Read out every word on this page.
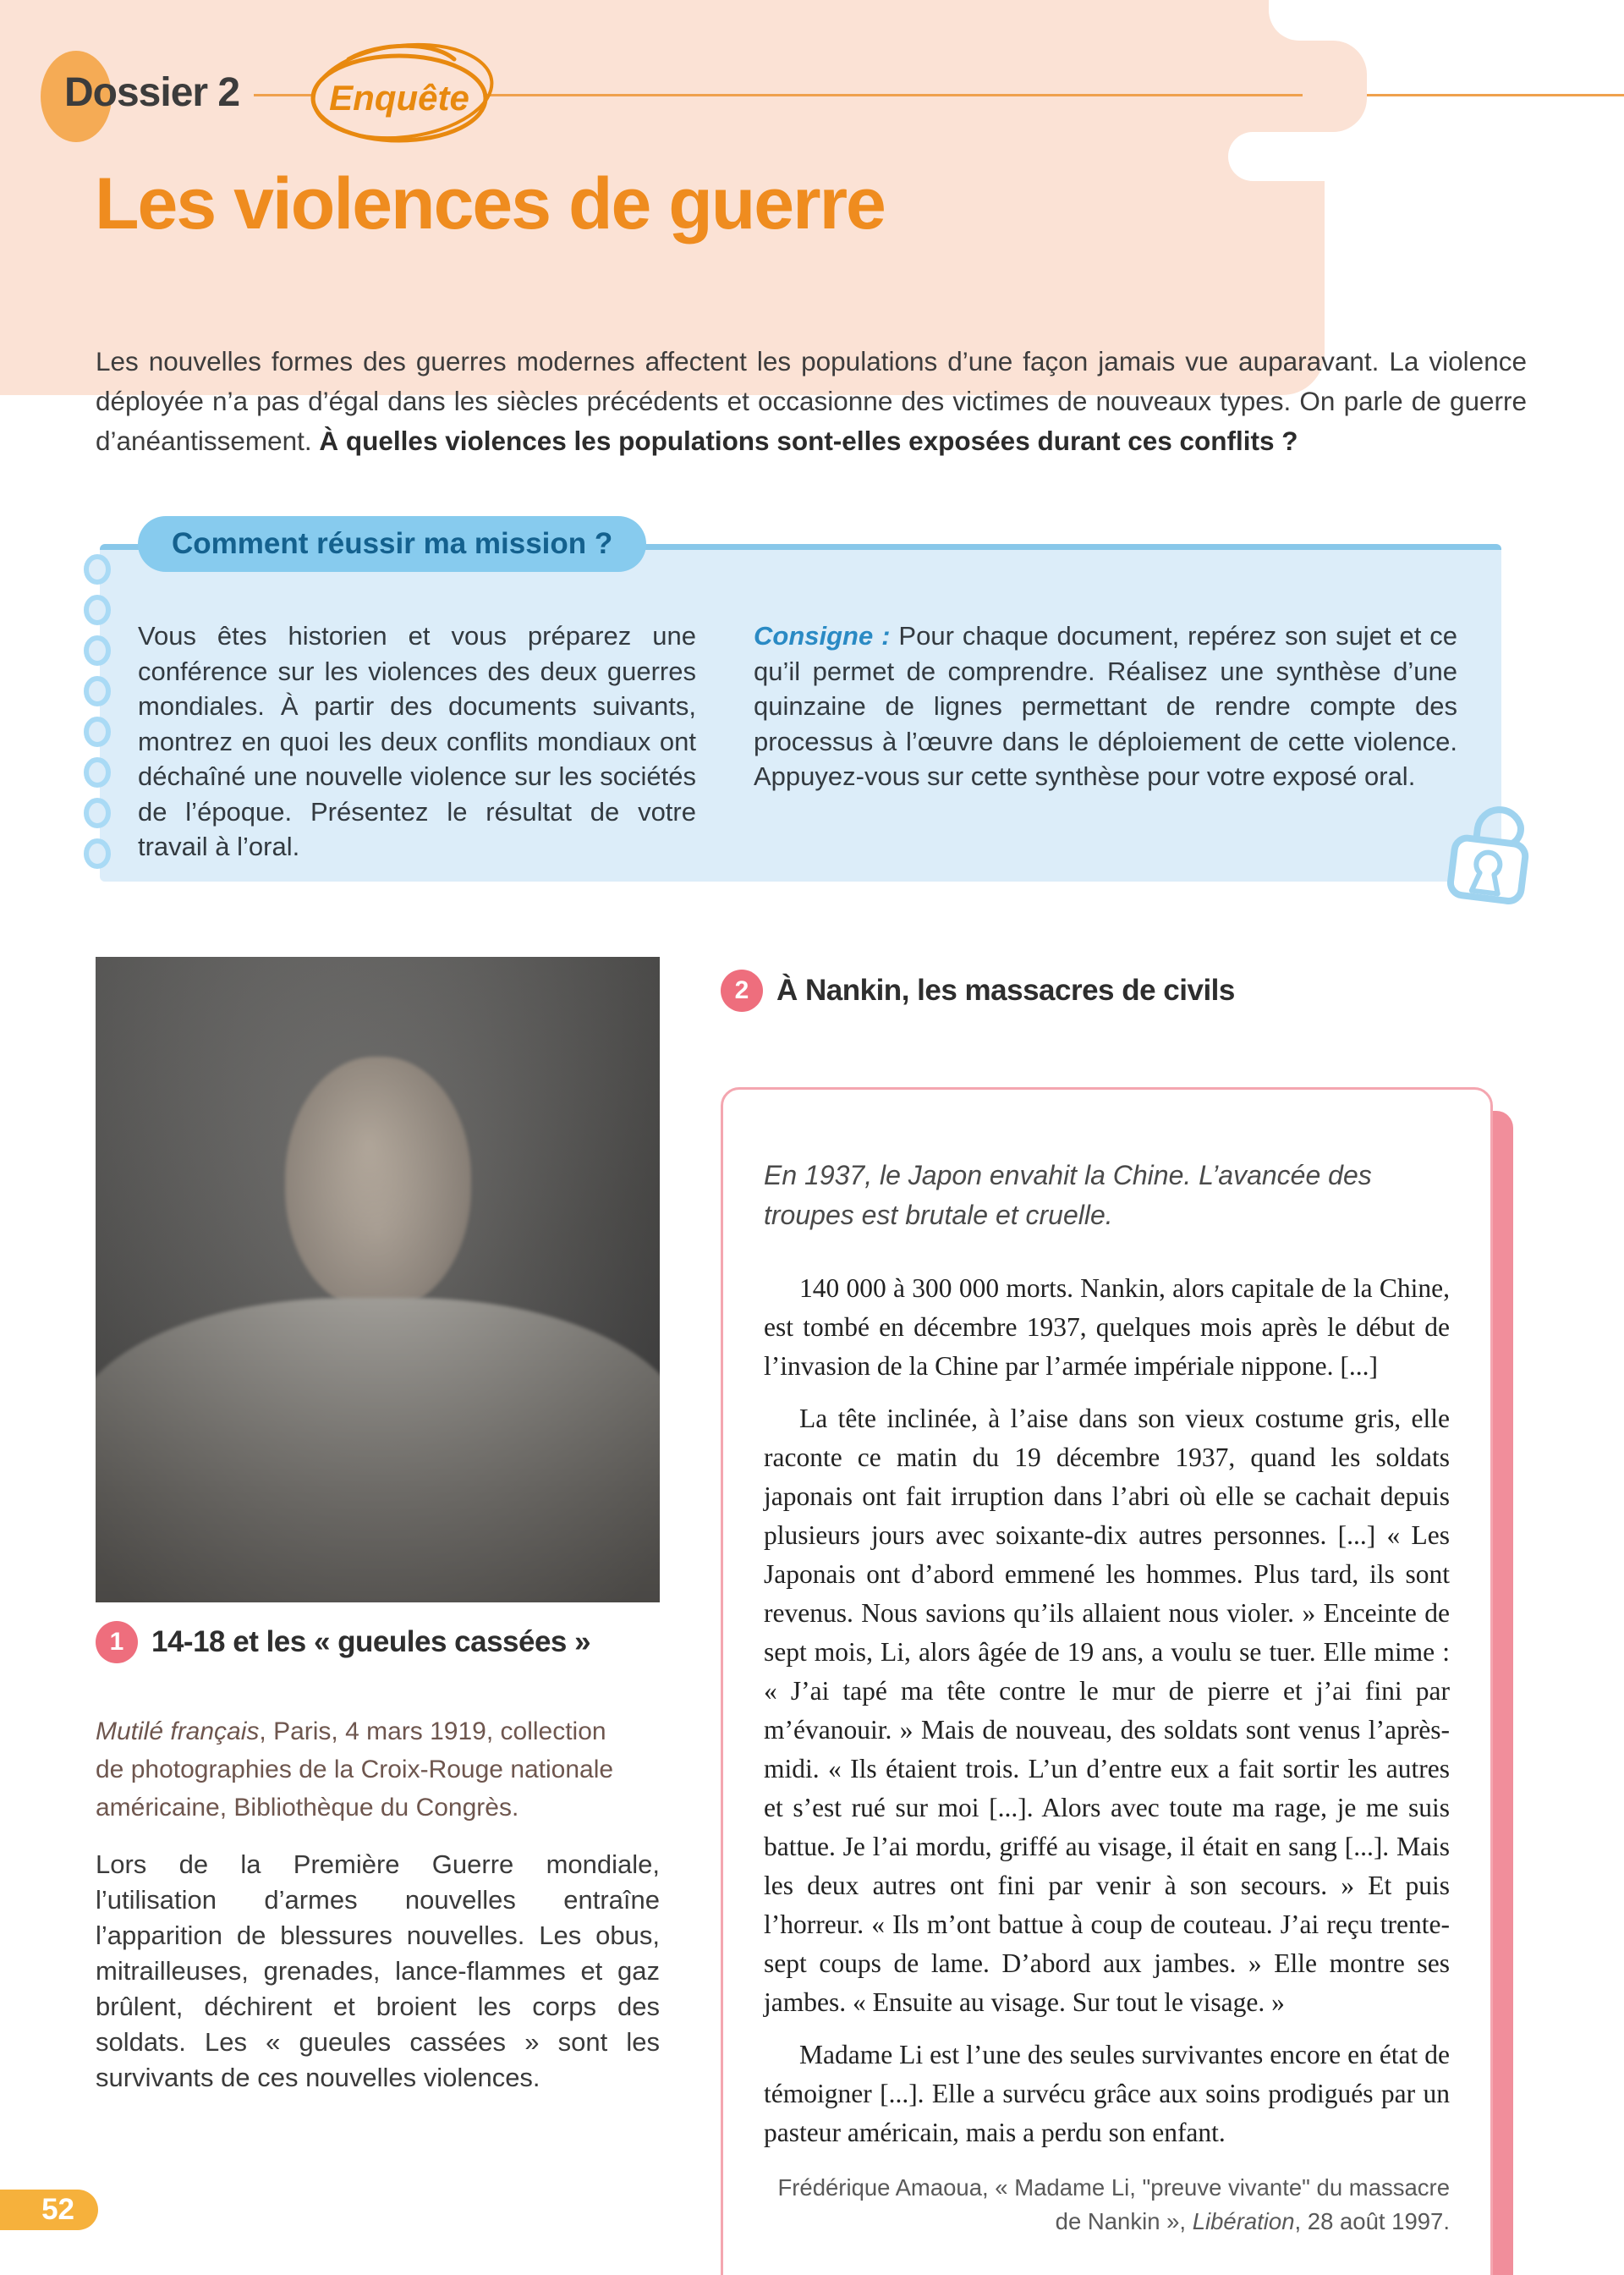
Dossier 2	Enquête
Les violences de guerre

Les nouvelles formes des guerres modernes affectent les populations d’une façon jamais vue auparavant. La violence déployée n’a pas d’égal dans les siècles précédents et occasionne des victimes de nouveaux types. On parle de guerre d’anéantissement. À quelles violences les populations sont-elles exposées durant ces conflits ?

Comment réussir ma mission ?

Vous êtes historien et vous préparez une conférence sur les violences des deux guerres mondiales. À partir des documents suivants, montrez en quoi les deux conflits mondiaux ont déchaîné une nouvelle violence sur les sociétés de l’époque. Présentez le résultat de votre travail à l’oral.

Consigne : Pour chaque document, repérez son sujet et ce qu’il permet de comprendre. Réalisez une synthèse d’une quinzaine de lignes permettant de rendre compte des processus à l’œuvre dans le déploiement de cette violence. Appuyez-vous sur cette synthèse pour votre exposé oral.

1 14-18 et les « gueules cassées »

Mutilé français, Paris, 4 mars 1919, collection de photographies de la Croix-Rouge nationale américaine, Bibliothèque du Congrès.

Lors de la Première Guerre mondiale, l’utilisation d’armes nouvelles entraîne l’apparition de blessures nouvelles. Les obus, mitrailleuses, grenades, lance-flammes et gaz brûlent, déchirent et broient les corps des soldats. Les « gueules cassées » sont les survivants de ces nouvelles violences.

2 À Nankin, les massacres de civils

En 1937, le Japon envahit la Chine. L’avancée des troupes est brutale et cruelle.

140 000 à 300 000 morts. Nankin, alors capitale de la Chine, est tombé en décembre 1937, quelques mois après le début de l’invasion de la Chine par l’armée impériale nippone. [...]

La tête inclinée, à l’aise dans son vieux costume gris, elle raconte ce matin du 19 décembre 1937, quand les soldats japonais ont fait irruption dans l’abri où elle se cachait depuis plusieurs jours avec soixante-dix autres personnes. [...] « Les Japonais ont d’abord emmené les hommes. Plus tard, ils sont revenus. Nous savions qu’ils allaient nous violer. » Enceinte de sept mois, Li, alors âgée de 19 ans, a voulu se tuer. Elle mime : « J’ai tapé ma tête contre le mur de pierre et j’ai fini par m’évanouir. » Mais de nouveau, des soldats sont venus l’après-midi. « Ils étaient trois. L’un d’entre eux a fait sortir les autres et s’est rué sur moi [...]. Alors avec toute ma rage, je me suis battue. Je l’ai mordu, griffé au visage, il était en sang [...]. Mais les deux autres ont fini par venir à son secours. » Et puis l’horreur. « Ils m’ont battue à coup de couteau. J’ai reçu trente-sept coups de lame. D’abord aux jambes. » Elle montre ses jambes. « Ensuite au visage. Sur tout le visage. »

Madame Li est l’une des seules survivantes encore en état de témoigner [...]. Elle a survécu grâce aux soins prodigués par un pasteur américain, mais a perdu son enfant.

Frédérique Amaoua, « Madame Li, "preuve vivante" du massacre de Nankin », Libération, 28 août 1997.

52
